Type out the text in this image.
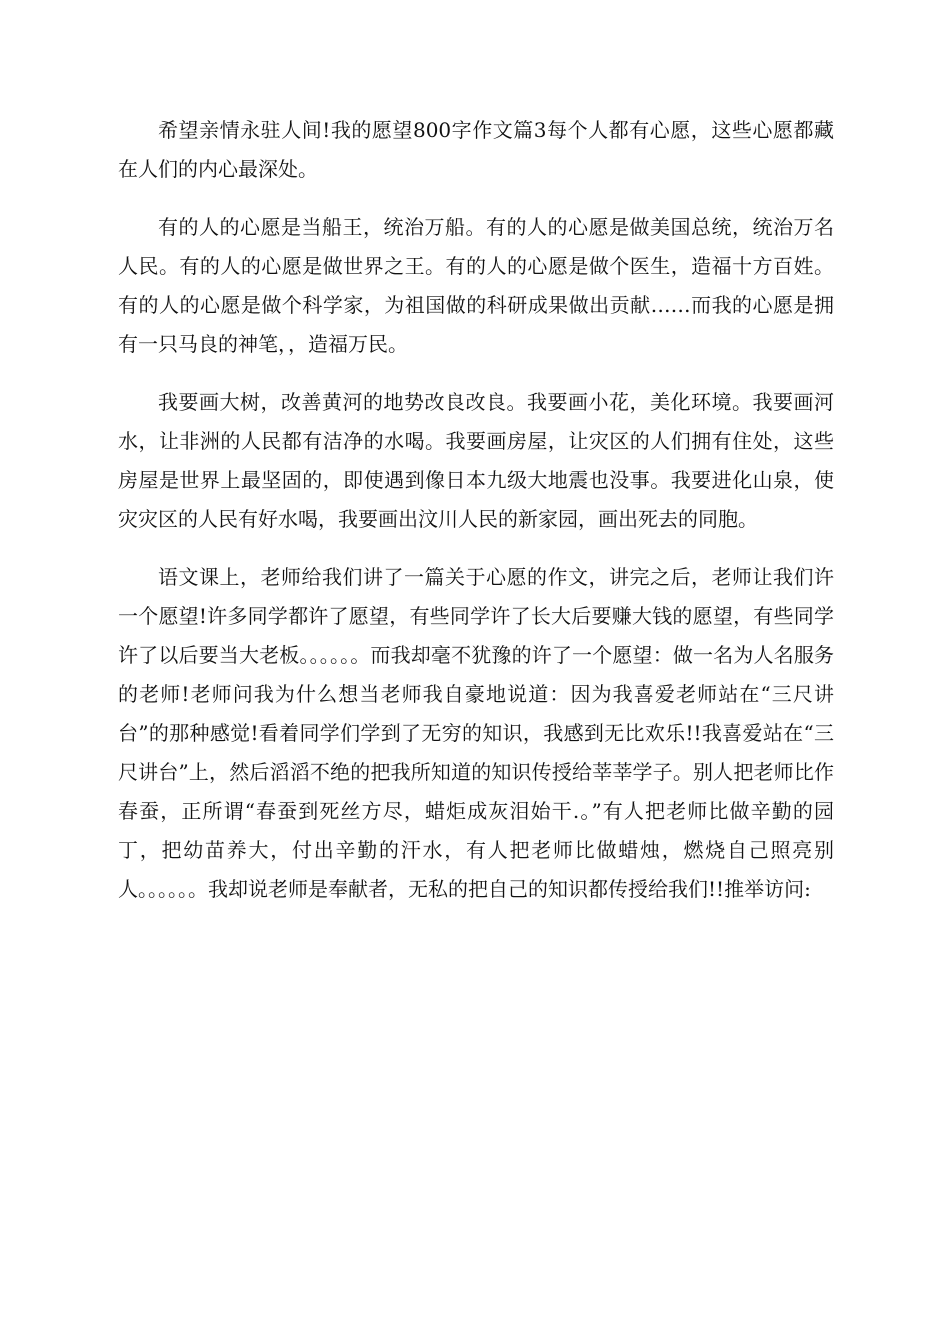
希望亲情永驻人间!我的愿望800字作文篇3每个人都有心愿，这些心愿都藏在人们的内心最深处。

有的人的心愿是当船王，统治万船。有的人的心愿是做美国总统，统治万名人民。有的人的心愿是做世界之王。有的人的心愿是做个医生，造福十方百姓。有的人的心愿是做个科学家，为祖国做的科研成果做出贡献……而我的心愿是拥有一只马良的神笔，，造福万民。

我要画大树，改善黄河的地势改良改良。我要画小花，美化环境。我要画河水，让非洲的人民都有洁净的水喝。我要画房屋，让灾区的人们拥有住处，这些房屋是世界上最坚固的，即使遇到像日本九级大地震也没事。我要进化山泉，使灾灾区的人民有好水喝，我要画出汶川人民的新家园，画出死去的同胞。

语文课上，老师给我们讲了一篇关于心愿的作文，讲完之后，老师让我们许一个愿望!许多同学都许了愿望，有些同学许了长大后要赚大钱的愿望，有些同学许了以后要当大老板。。。。。。而我却毫不犹豫的许了一个愿望：做一名为人名服务的老师!老师问我为什么想当老师我自豪地说道：因为我喜爱老师站在“三尺讲台”的那种感觉!看着同学们学到了无穷的知识，我感到无比欢乐!!我喜爱站在“三尺讲台”上，然后滔滔不绝的把我所知道的知识传授给莘莘学子。别人把老师比作春蚕，正所谓“春蚕到死丝方尽，蜡炬成灰泪始干.。”有人把老师比做辛勤的园丁，把幼苗养大，付出辛勤的汗水，有人把老师比做蜡烛，燃烧自己照亮别人。。。。。。我却说老师是奉献者，无私的把自己的知识都传授给我们!!推举访问:
